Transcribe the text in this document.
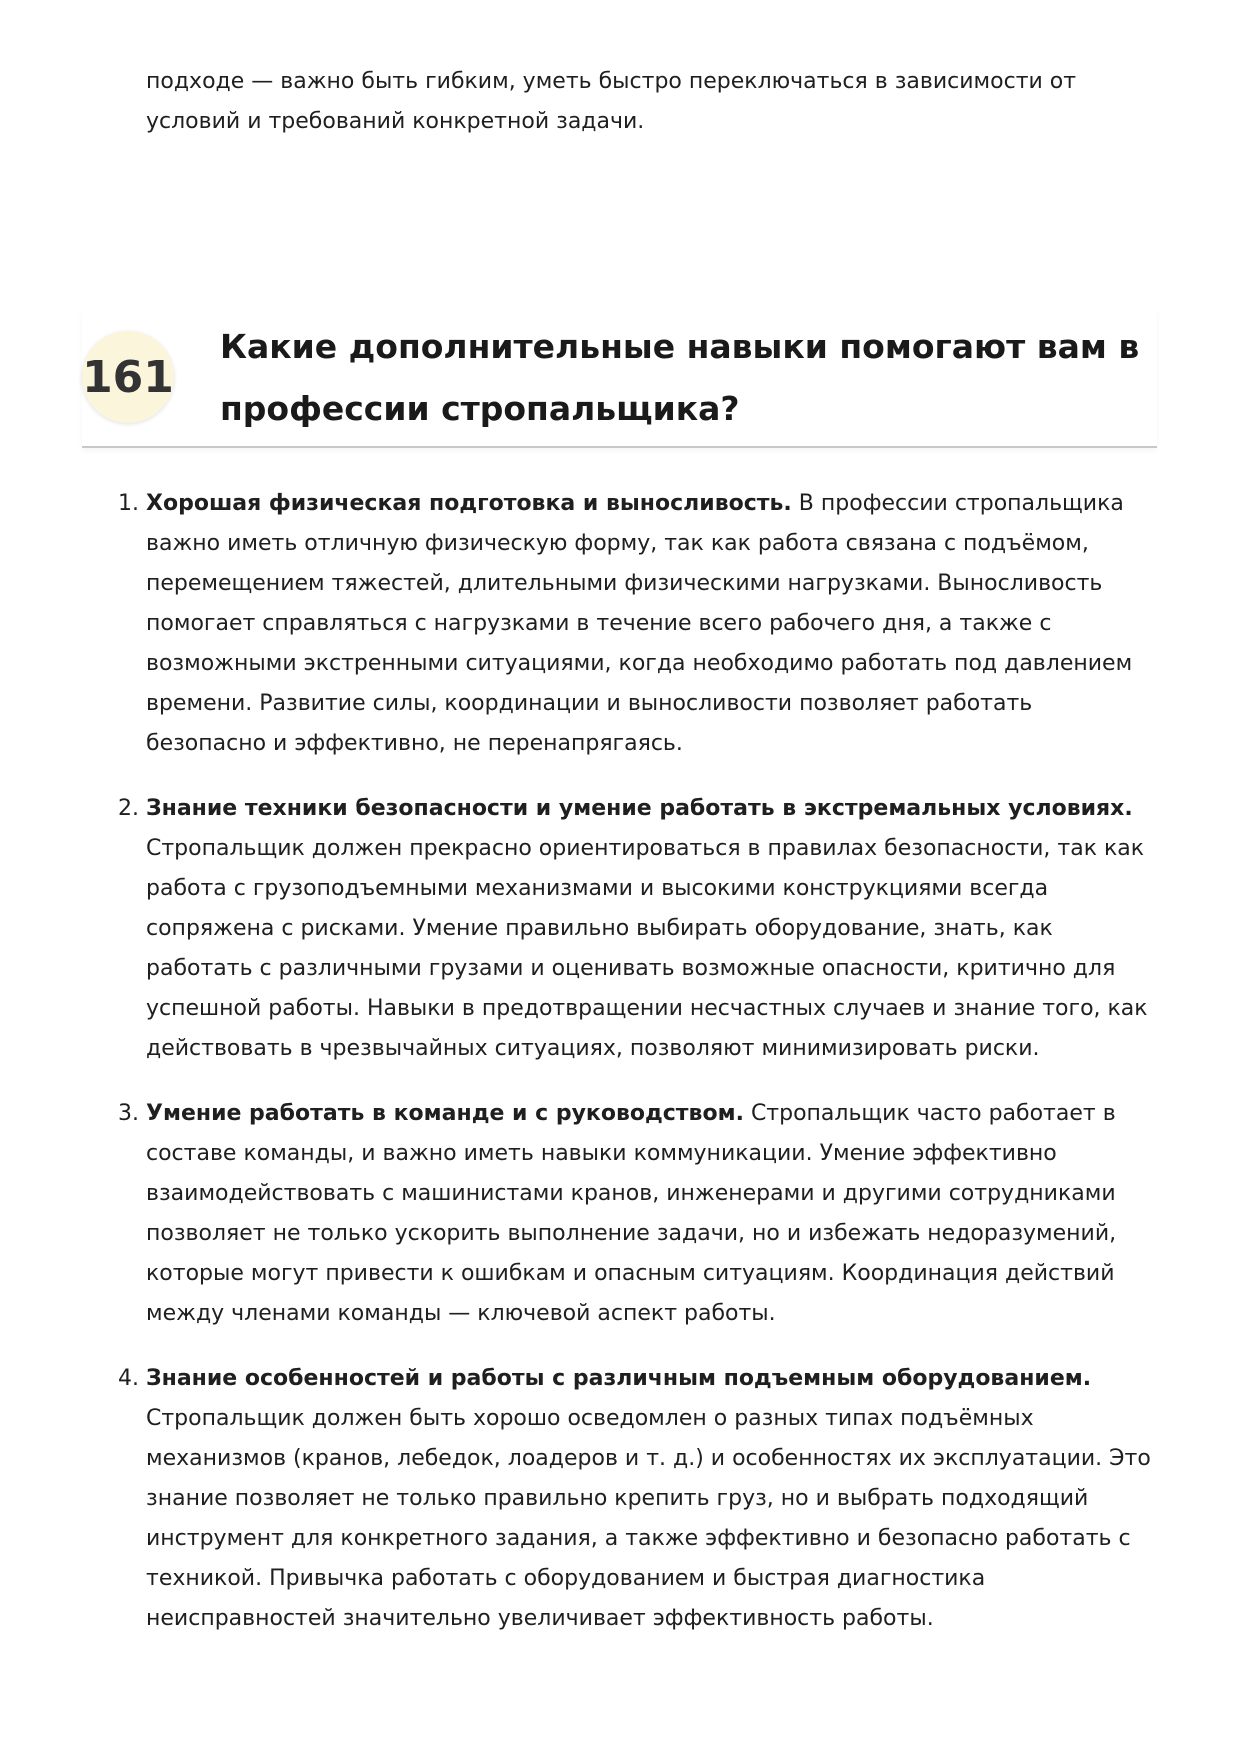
подходе — важно быть гибким, уметь быстро переключаться в зависимости от условий и требований конкретной задачи.

161
Какие дополнительные навыки помогают вам в профессии стропальщика?
1. Хорошая физическая подготовка и выносливость. В профессии стропальщика важно иметь отличную физическую форму, так как работа связана с подъёмом, перемещением тяжестей, длительными физическими нагрузками. Выносливость помогает справляться с нагрузками в течение всего рабочего дня, а также с возможными экстренными ситуациями, когда необходимо работать под давлением времени. Развитие силы, координации и выносливости позволяет работать безопасно и эффективно, не перенапрягаясь.
2. Знание техники безопасности и умение работать в экстремальных условиях. Стропальщик должен прекрасно ориентироваться в правилах безопасности, так как работа с грузоподъемными механизмами и высокими конструкциями всегда сопряжена с рисками. Умение правильно выбирать оборудование, знать, как работать с различными грузами и оценивать возможные опасности, критично для успешной работы. Навыки в предотвращении несчастных случаев и знание того, как действовать в чрезвычайных ситуациях, позволяют минимизировать риски.
3. Умение работать в команде и с руководством. Стропальщик часто работает в составе команды, и важно иметь навыки коммуникации. Умение эффективно взаимодействовать с машинистами кранов, инженерами и другими сотрудниками позволяет не только ускорить выполнение задачи, но и избежать недоразумений, которые могут привести к ошибкам и опасным ситуациям. Координация действий между членами команды — ключевой аспект работы.
4. Знание особенностей и работы с различным подъемным оборудованием. Стропальщик должен быть хорошо осведомлен о разных типах подъёмных механизмов (кранов, лебедок, лоадеров и т. д.) и особенностях их эксплуатации. Это знание позволяет не только правильно крепить груз, но и выбрать подходящий инструмент для конкретного задания, а также эффективно и безопасно работать с техникой. Привычка работать с оборудованием и быстрая диагностика неисправностей значительно увеличивает эффективность работы.
